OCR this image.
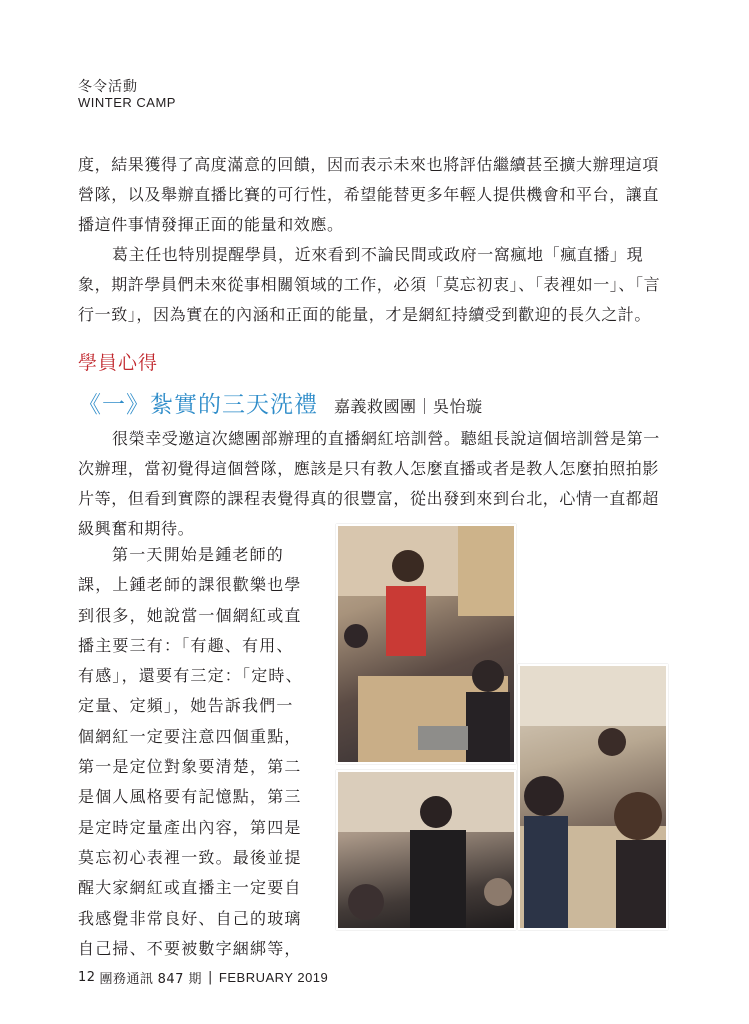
冬令活動
WINTER CAMP

度，結果獲得了高度滿意的回饋，因而表示未來也將評估繼續甚至擴大辦理這項營隊，以及舉辦直播比賽的可行性，希望能替更多年輕人提供機會和平台，讓直播這件事情發揮正面的能量和效應。

葛主任也特別提醒學員，近來看到不論民間或政府一窩瘋地「瘋直播」現象，期許學員們未來從事相關領域的工作，必須「莫忘初衷」、「表裡如一」、「言行一致」，因為實在的內涵和正面的能量，才是網紅持續受到歡迎的長久之計。

學員心得
《一》紮實的三天洗禮 嘉義救國團｜吳怡璇

很榮幸受邀這次總團部辦理的直播網紅培訓營。聽組長說這個培訓營是第一次辦理，當初覺得這個營隊，應該是只有教人怎麼直播或者是教人怎麼拍照拍影片等，但看到實際的課程表覺得真的很豐富，從出發到來到台北，心情一直都超級興奮和期待。

第一天開始是鍾老師的課，上鍾老師的課很歡樂也學到很多，她說當一個網紅或直播主要三有：「有趣、有用、有感」，還要有三定：「定時、定量、定頻」，她告訴我們一個網紅一定要注意四個重點，第一是定位對象要清楚，第二是個人風格要有記憶點，第三是定時定量產出內容，第四是莫忘初心表裡一致。最後並提醒大家網紅或直播主一定要自我感覺非常良好、自己的玻璃自己掃、不要被數字綑綁等，
12 團務通訊 847 期 | FEBRUARY 2019
